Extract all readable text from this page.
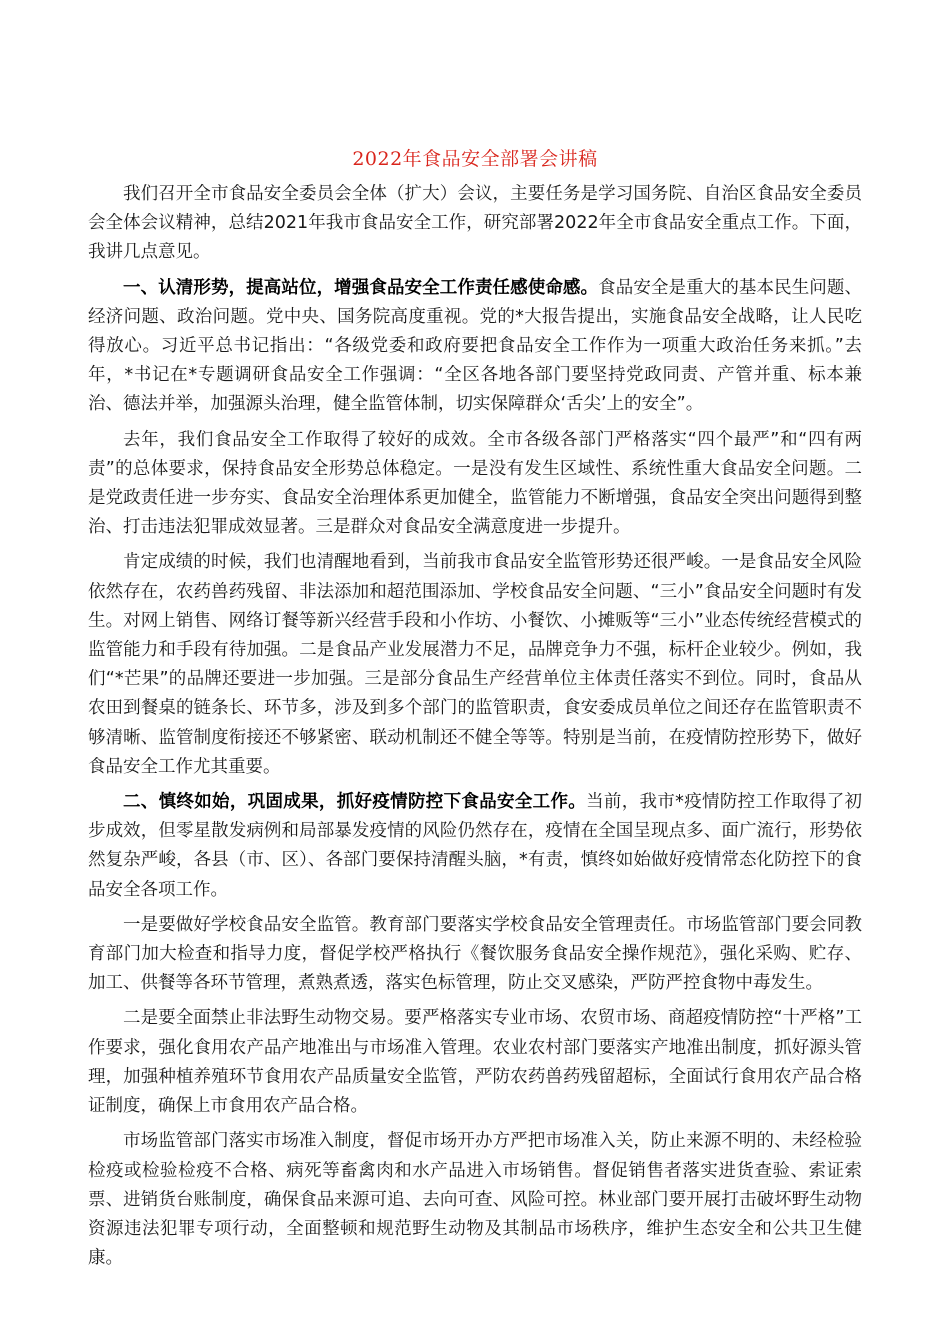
2022年食品安全部署会讲稿

我们召开全市食品安全委员会全体（扩大）会议，主要任务是学习国务院、自治区食品安全委员会全体会议精神，总结2021年我市食品安全工作，研究部署2022年全市食品安全重点工作。下面，我讲几点意见。

一、认清形势，提高站位，增强食品安全工作责任感使命感。食品安全是重大的基本民生问题、经济问题、政治问题。党中央、国务院高度重视。党的*大报告提出，实施食品安全战略，让人民吃得放心。习近平总书记指出：“各级党委和政府要把食品安全工作作为一项重大政治任务来抓。”去年，*书记在*专题调研食品安全工作强调：“全区各地各部门要坚持党政同责、产管并重、标本兼治、德法并举，加强源头治理，健全监管体制，切实保障群众‘舌尖’上的安全”。

去年，我们食品安全工作取得了较好的成效。全市各级各部门严格落实“四个最严”和“四有两责”的总体要求，保持食品安全形势总体稳定。一是没有发生区域性、系统性重大食品安全问题。二是党政责任进一步夯实、食品安全治理体系更加健全，监管能力不断增强，食品安全突出问题得到整治、打击违法犯罪成效显著。三是群众对食品安全满意度进一步提升。

肯定成绩的时候，我们也清醒地看到，当前我市食品安全监管形势还很严峻。一是食品安全风险依然存在，农药兽药残留、非法添加和超范围添加、学校食品安全问题、“三小”食品安全问题时有发生。对网上销售、网络订餐等新兴经营手段和小作坊、小餐饮、小摊贩等“三小”业态传统经营模式的监管能力和手段有待加强。二是食品产业发展潜力不足，品牌竞争力不强，标杆企业较少。例如，我们“*芒果”的品牌还要进一步加强。三是部分食品生产经营单位主体责任落实不到位。同时，食品从农田到餐桌的链条长、环节多，涉及到多个部门的监管职责，食安委成员单位之间还存在监管职责不够清晰、监管制度衔接还不够紧密、联动机制还不健全等等。特别是当前，在疫情防控形势下，做好食品安全工作尤其重要。

二、慎终如始，巩固成果，抓好疫情防控下食品安全工作。当前，我市*疫情防控工作取得了初步成效，但零星散发病例和局部暴发疫情的风险仍然存在，疫情在全国呈现点多、面广流行，形势依然复杂严峻，各县（市、区）、各部门要保持清醒头脑，*有责，慎终如始做好疫情常态化防控下的食品安全各项工作。

一是要做好学校食品安全监管。教育部门要落实学校食品安全管理责任。市场监管部门要会同教育部门加大检查和指导力度，督促学校严格执行《餐饮服务食品安全操作规范》，强化采购、贮存、加工、供餐等各环节管理，煮熟煮透，落实色标管理，防止交叉感染，严防严控食物中毒发生。

二是要全面禁止非法野生动物交易。要严格落实专业市场、农贸市场、商超疫情防控“十严格”工作要求，强化食用农产品产地准出与市场准入管理。农业农村部门要落实产地准出制度，抓好源头管理，加强种植养殖环节食用农产品质量安全监管，严防农药兽药残留超标，全面试行食用农产品合格证制度，确保上市食用农产品合格。

市场监管部门落实市场准入制度，督促市场开办方严把市场准入关，防止来源不明的、未经检验检疫或检验检疫不合格、病死等畜禽肉和水产品进入市场销售。督促销售者落实进货查验、索证索票、进销货台账制度，确保食品来源可追、去向可查、风险可控。林业部门要开展打击破坏野生动物资源违法犯罪专项行动，全面整顿和规范野生动物及其制品市场秩序，维护生态安全和公共卫生健康。
